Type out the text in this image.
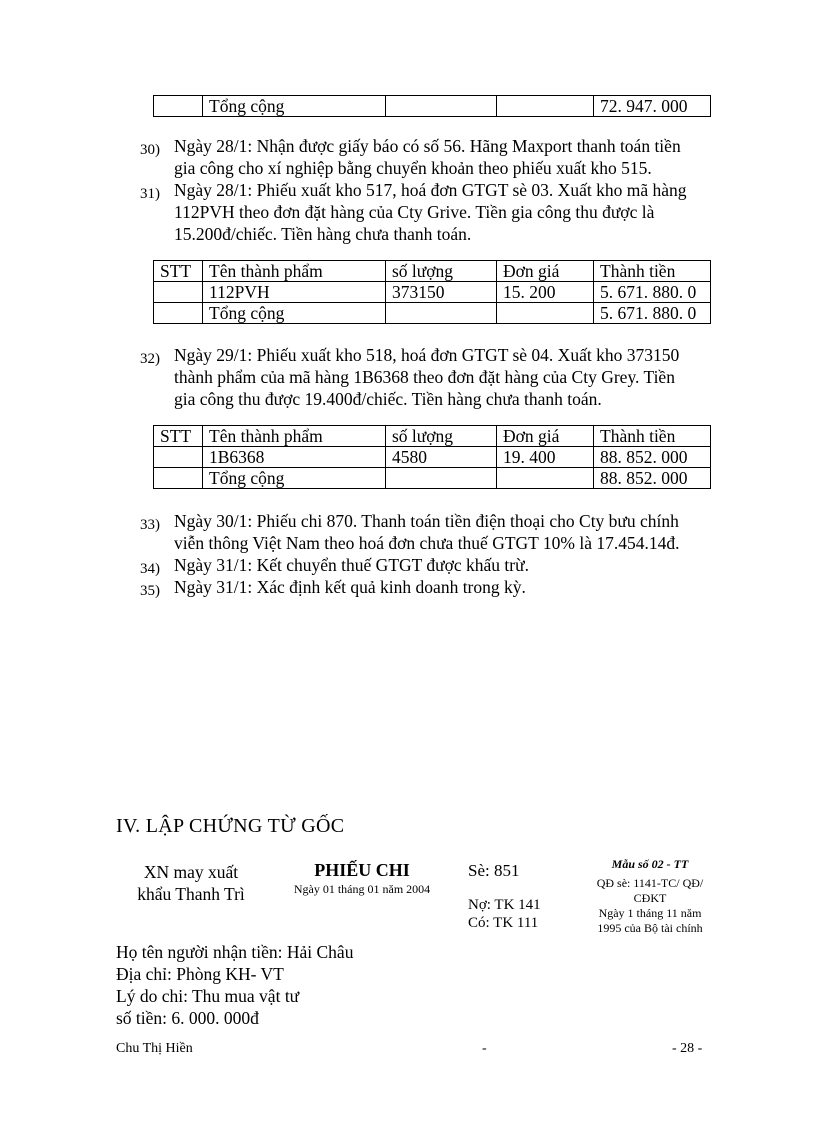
	Tổng cộng			72. 947. 000
30) Ngày 28/1: Nhận được giấy báo có số 56. Hãng Maxport thanh toán tiền
gia công cho xí nghiệp bằng chuyển khoản theo phiếu xuất kho 515.
31) Ngày 28/1: Phiếu xuất kho 517, hoá đơn GTGT sè 03. Xuất kho mã hàng
112PVH theo đơn đặt hàng của Cty Grive. Tiền gia công thu được là
15.200đ/chiếc. Tiền hàng chưa thanh toán.
STT	Tên thành phẩm	số lượng	Đơn giá	Thành tiền
	112PVH	373150	15. 200	5. 671. 880. 0
	Tổng cộng			5. 671. 880. 0
32) Ngày 29/1: Phiếu xuất kho 518, hoá đơn GTGT sè 04. Xuất kho 373150
thành phẩm của mã hàng 1B6368 theo đơn đặt hàng của Cty Grey. Tiền
gia công thu được 19.400đ/chiếc. Tiền hàng chưa thanh toán.
STT	Tên thành phẩm	số lượng	Đơn giá	Thành tiền
	1B6368	4580	19. 400	88. 852. 000
	Tổng cộng			88. 852. 000
33) Ngày 30/1: Phiếu chi 870. Thanh toán tiền điện thoại cho Cty bưu chính
viễn thông Việt Nam theo hoá đơn chưa thuế GTGT 10% là 17.454.14đ.
34) Ngày 31/1: Kết chuyển thuế GTGT được khấu trừ.
35) Ngày 31/1: Xác định kết quả kinh doanh trong kỳ.
IV. LẬP CHỨNG TỪ GỐC
XN may xuất
khẩu Thanh Trì
PHIẾU CHI
Ngày 01 tháng 01 năm 2004
Sè: 851
Nợ: TK 141
Có: TK 111
Mẫu số 02 - TT
QĐ sè: 1141-TC/ QĐ/
CĐKT
Ngày 1 tháng 11 năm
1995 của Bộ tài chính
Họ tên người nhận tiền: Hải Châu
Địa chỉ: Phòng KH- VT
Lý do chi: Thu mua vật tư
số tiền: 6. 000. 000đ
Chu Thị Hiền	-	- 28 -
